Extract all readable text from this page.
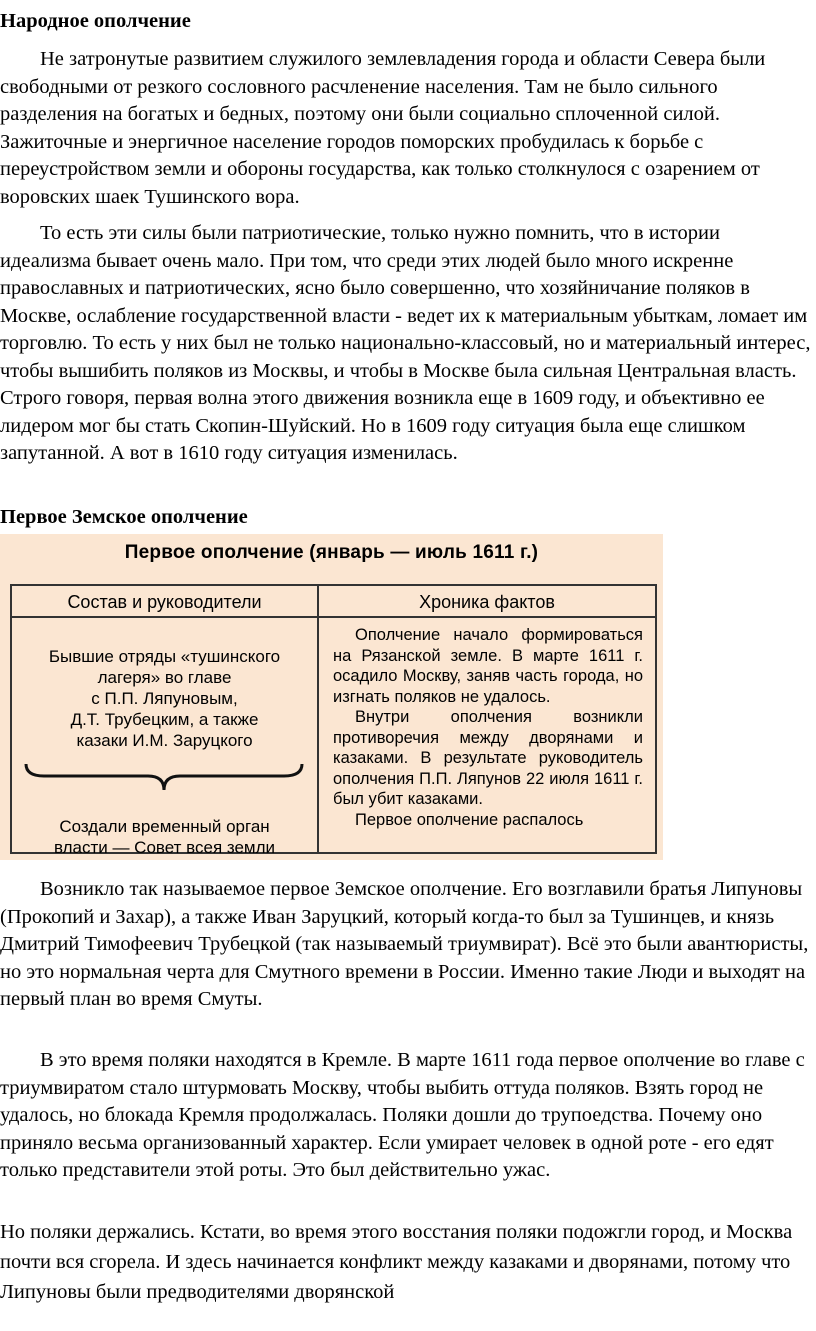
Народное ополчение

Не затронутые развитием служилого землевладения города и области Севера были свободными от резкого сословного расчленение населения. Там не было сильного разделения на богатых и бедных, поэтому они были социально сплоченной силой. Зажиточные и энергичное население городов поморских пробудилась к борьбе с переустройством земли и обороны государства, как только столкнулося с озарением от воровских шаек Тушинского вора.

То есть эти силы были патриотические, только нужно помнить, что в истории идеализма бывает очень мало. При том, что среди этих людей было много искренне православных и патриотических, ясно было совершенно, что хозяйничание поляков в Москве, ослабление государственной власти - ведет их к материальным убыткам, ломает им торговлю. То есть у них был не только национально-классовый, но и материальный интерес, чтобы вышибить поляков из Москвы, и чтобы в Москве была сильная Центральная власть. Строго говоря, первая волна этого движения возникла еще в 1609 году, и объективно ее лидером мог бы стать Скопин-Шуйский. Но в 1609 году ситуация была еще слишком запутанной. А вот в 1610 году ситуация изменилась.

Первое Земское ополчение
Первое ополчение (январь — июль 1611 г.)
Состав и руководители	Хроника фактов
Бывшие отряды «тушинского
лагеря» во главе
с П.П. Ляпуновым,
Д.Т. Трубецким, а также
казаки И.М. Заруцкого
Создали временный орган
власти — Совет всея земли

Ополчение начало формироваться на Рязанской земле. В марте 1611 г. осадило Москву, заняв часть города, но изгнать поляков не удалось.

Внутри ополчения возникли противоречия между дворянами и казаками. В результате руководитель ополчения П.П. Ляпунов 22 июля 1611 г. был убит казаками.

Первое ополчение распалось

Возникло так называемое первое Земское ополчение. Его возглавили братья Липуновы (Прокопий и Захар), а также Иван Заруцкий, который когда-то был за Тушинцев, и князь Дмитрий Тимофеевич Трубецкой (так называемый триумвират). Всё это были авантюристы, но это нормальная черта для Смутного времени в России. Именно такие Люди и выходят на первый план во время Смуты.

В это время поляки находятся в Кремле. В марте 1611 года первое ополчение во главе с триумвиратом стало штурмовать Москву, чтобы выбить оттуда поляков. Взять город не удалось, но блокада Кремля продолжалась. Поляки дошли до трупоедства. Почему оно приняло весьма организованный характер. Если умирает человек в одной роте - его едят только представители этой роты. Это был действительно ужас.

Но поляки держались. Кстати, во время этого восстания поляки подожгли город, и Москва почти вся сгорела. И здесь начинается конфликт между казаками и дворянами, потому что Липуновы были предводителями дворянской
